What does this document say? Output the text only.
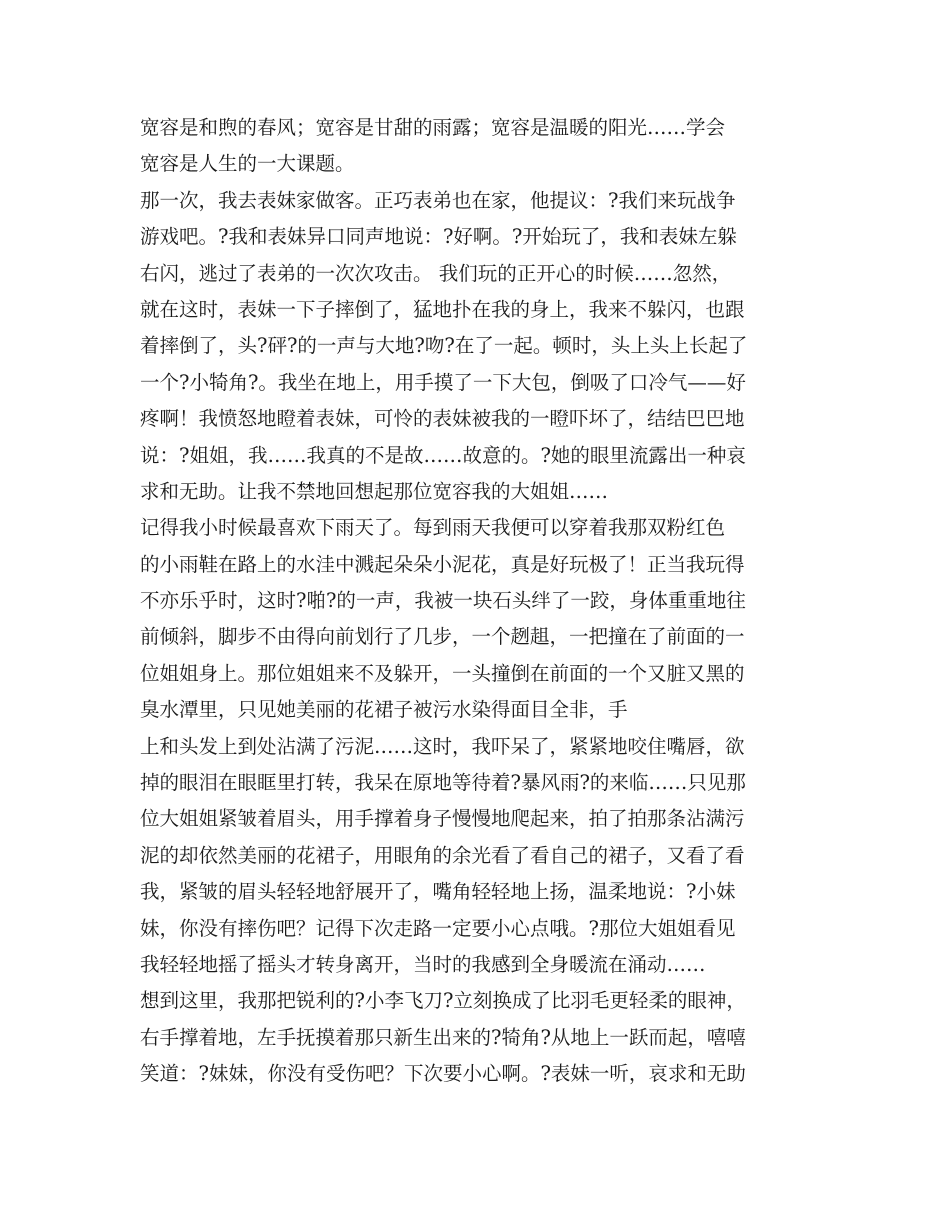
宽容是和煦的春风；宽容是甘甜的雨露；宽容是温暖的阳光……学会
宽容是人生的一大课题。
那一次，我去表妹家做客。正巧表弟也在家，他提议：?我们来玩战争
游戏吧。?我和表妹异口同声地说：?好啊。?开始玩了，我和表妹左躲
右闪，逃过了表弟的一次次攻击。 我们玩的正开心的时候……忽然，
就在这时，表妹一下子摔倒了，猛地扑在我的身上，我来不躲闪，也跟
着摔倒了，头?砰?的一声与大地?吻?在了一起。顿时，头上头上长起了
一个?小犄角?。我坐在地上，用手摸了一下大包，倒吸了口冷气——好
疼啊！我愤怒地瞪着表妹，可怜的表妹被我的一瞪吓坏了，结结巴巴地
说：?姐姐，我……我真的不是故……故意的。?她的眼里流露出一种哀
求和无助。让我不禁地回想起那位宽容我的大姐姐……
记得我小时候最喜欢下雨天了。每到雨天我便可以穿着我那双粉红色
的小雨鞋在路上的水洼中溅起朵朵小泥花，真是好玩极了！正当我玩得
不亦乐乎时，这时?啪?的一声，我被一块石头绊了一跤，身体重重地往
前倾斜，脚步不由得向前划行了几步，一个趔趄，一把撞在了前面的一
位姐姐身上。那位姐姐来不及躲开，一头撞倒在前面的一个又脏又黑的
臭水潭里，只见她美丽的花裙子被污水染得面目全非，手
上和头发上到处沾满了污泥……这时，我吓呆了，紧紧地咬住嘴唇，欲
掉的眼泪在眼眶里打转，我呆在原地等待着?暴风雨?的来临……只见那
位大姐姐紧皱着眉头，用手撑着身子慢慢地爬起来，拍了拍那条沾满污
泥的却依然美丽的花裙子，用眼角的余光看了看自己的裙子，又看了看
我，紧皱的眉头轻轻地舒展开了，嘴角轻轻地上扬，温柔地说：?小妹
妹，你没有摔伤吧？记得下次走路一定要小心点哦。?那位大姐姐看见
我轻轻地摇了摇头才转身离开，当时的我感到全身暖流在涌动……
想到这里，我那把锐利的?小李飞刀?立刻换成了比羽毛更轻柔的眼神，
右手撑着地，左手抚摸着那只新生出来的?犄角?从地上一跃而起，嘻嘻
笑道：?妹妹，你没有受伤吧？下次要小心啊。?表妹一听，哀求和无助
